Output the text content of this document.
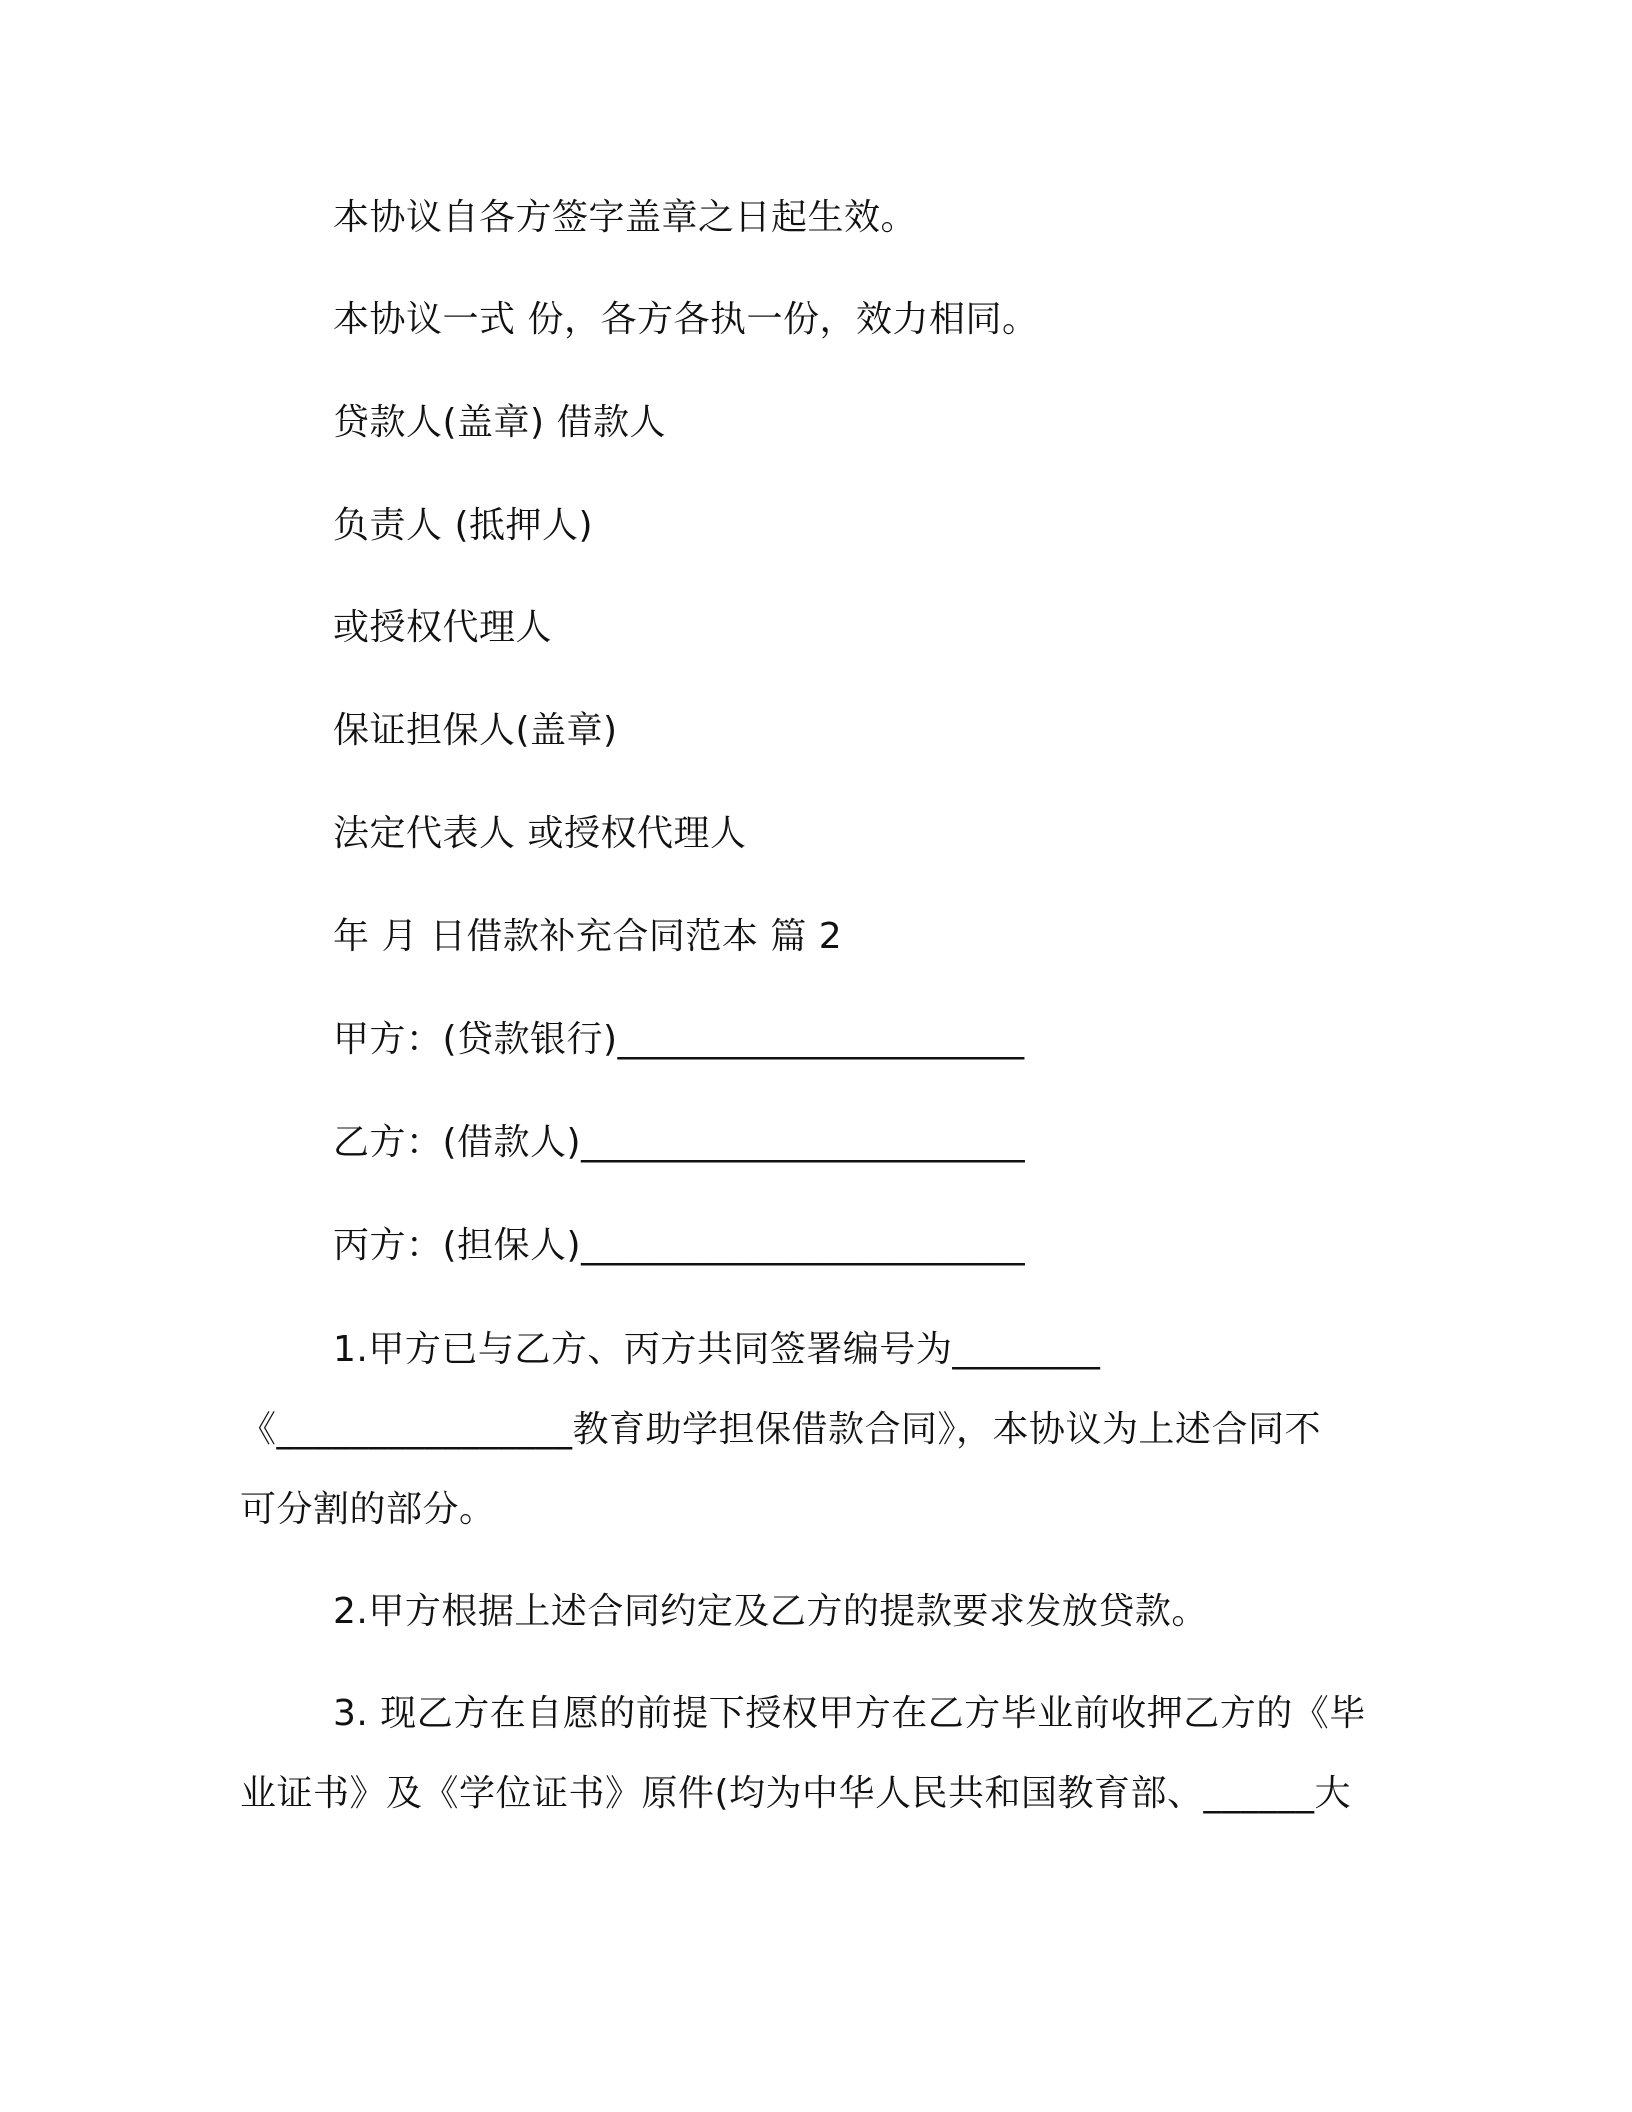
本协议自各方签字盖章之日起生效。
本协议一式 份，各方各执一份，效力相同。
贷款人(盖章) 借款人
负责人 (抵押人)
或授权代理人
保证担保人(盖章)
法定代表人 或授权代理人
年 月 日借款补充合同范本 篇 2
甲方：(贷款银行)______________________
乙方：(借款人)________________________
丙方：(担保人)________________________
1.甲方已与乙方、丙方共同签署编号为________
《________________教育助学担保借款合同》，本协议为上述合同不
可分割的部分。
2.甲方根据上述合同约定及乙方的提款要求发放贷款。
3. 现乙方在自愿的前提下授权甲方在乙方毕业前收押乙方的《毕
业证书》及《学位证书》原件(均为中华人民共和国教育部、______大
